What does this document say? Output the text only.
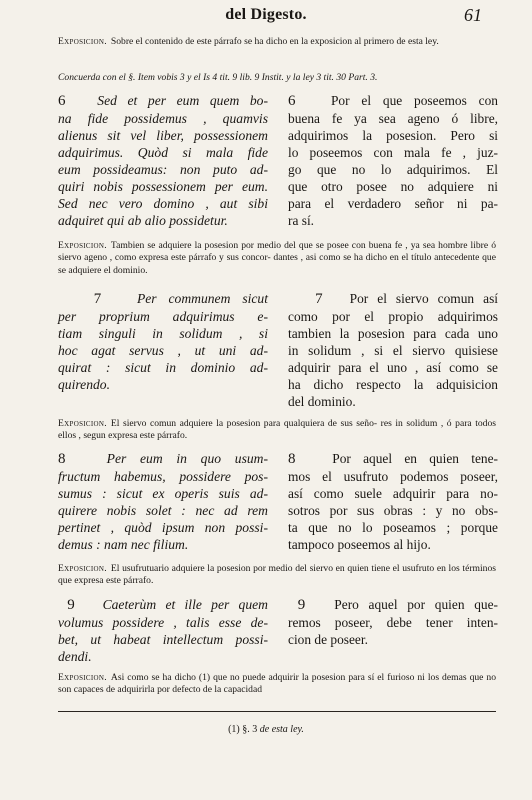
del Digesto.	61

Exposicion. Sobre el contenido de este párrafo se ha dicho en la exposicion al primero de esta ley.

Concuerda con el §. Item vobis 3 y el Is 4 tit. 9 lib. 9 Instit. y la ley 3 tit. 30 Part. 3.

6 Sed et per eum quem bo-
na fide possidemus , quamvis
alienus sit vel liber, possessionem
adquirimus. Quòd si mala fide
eum possideamus: non puto ad-
quiri nobis possessionem per eum.
Sed nec vero domino , aut sibi
adquiret qui ab alio possidetur.

6	Por el que poseemos con
buena fe ya sea ageno ó libre,
adquirimos la posesion. Pero si
lo poseemos con mala fe , juz-
go que no lo adquirimos. El
que otro posee no adquiere ni
para el verdadero señor ni pa-
ra sí.

Exposicion. Tambien se adquiere la posesion por medio del que se posee con buena fe , ya sea hombre libre ó siervo ageno , como expresa este párrafo y sus concor- dantes , asi como se ha dicho en el título antecedente que se adquiere el dominio.

7	Per communem sicut
per proprium adquirimus e-
tiam singuli in solidum , si
hoc agat servus , ut uni ad-
quirat : sicut in dominio ad-
quirendo.

7 Por el siervo comun así
como por el propio adquirimos
tambien la posesion para cada uno
in solidum , si el siervo quisiese
adquirir para el uno , así como se
ha dicho respecto la adquisicion
del dominio.

Exposicion. El siervo comun adquiere la posesion para qualquiera de sus seño- res in solidum , ó para todos ellos , segun expresa este párrafo.

8	Per eum in quo usum-
fructum habemus, possidere pos-
sumus : sicut ex operis suis ad-
quirere nobis solet : nec ad rem
pertinet , quòd ipsum non possi-
demus : nam nec filium.

8	Por aquel en quien tene-
mos el usufruto podemos poseer,
así como suele adquirir para no-
sotros por sus obras : y no obs-
ta que no lo poseamos ; porque
tampoco poseemos al hijo.

Exposicion. El usufrutuario adquiere la posesion por medio del siervo en quien tiene el usufruto en los términos que expresa este párrafo.

9 Caeterùm et ille per quem
volumus possidere , talis esse de-
bet, ut habeat intellectum possi-
dendi.

9 Pero aquel por quien que-
remos poseer, debe tener inten-
cion de poseer.

Exposicion. Asi como se ha dicho (1) que no puede adquirir la posesion para sí el furioso ni los demas que no son capaces de adquirirla por defecto de la capacidad

(1) §. 3 de esta ley.
